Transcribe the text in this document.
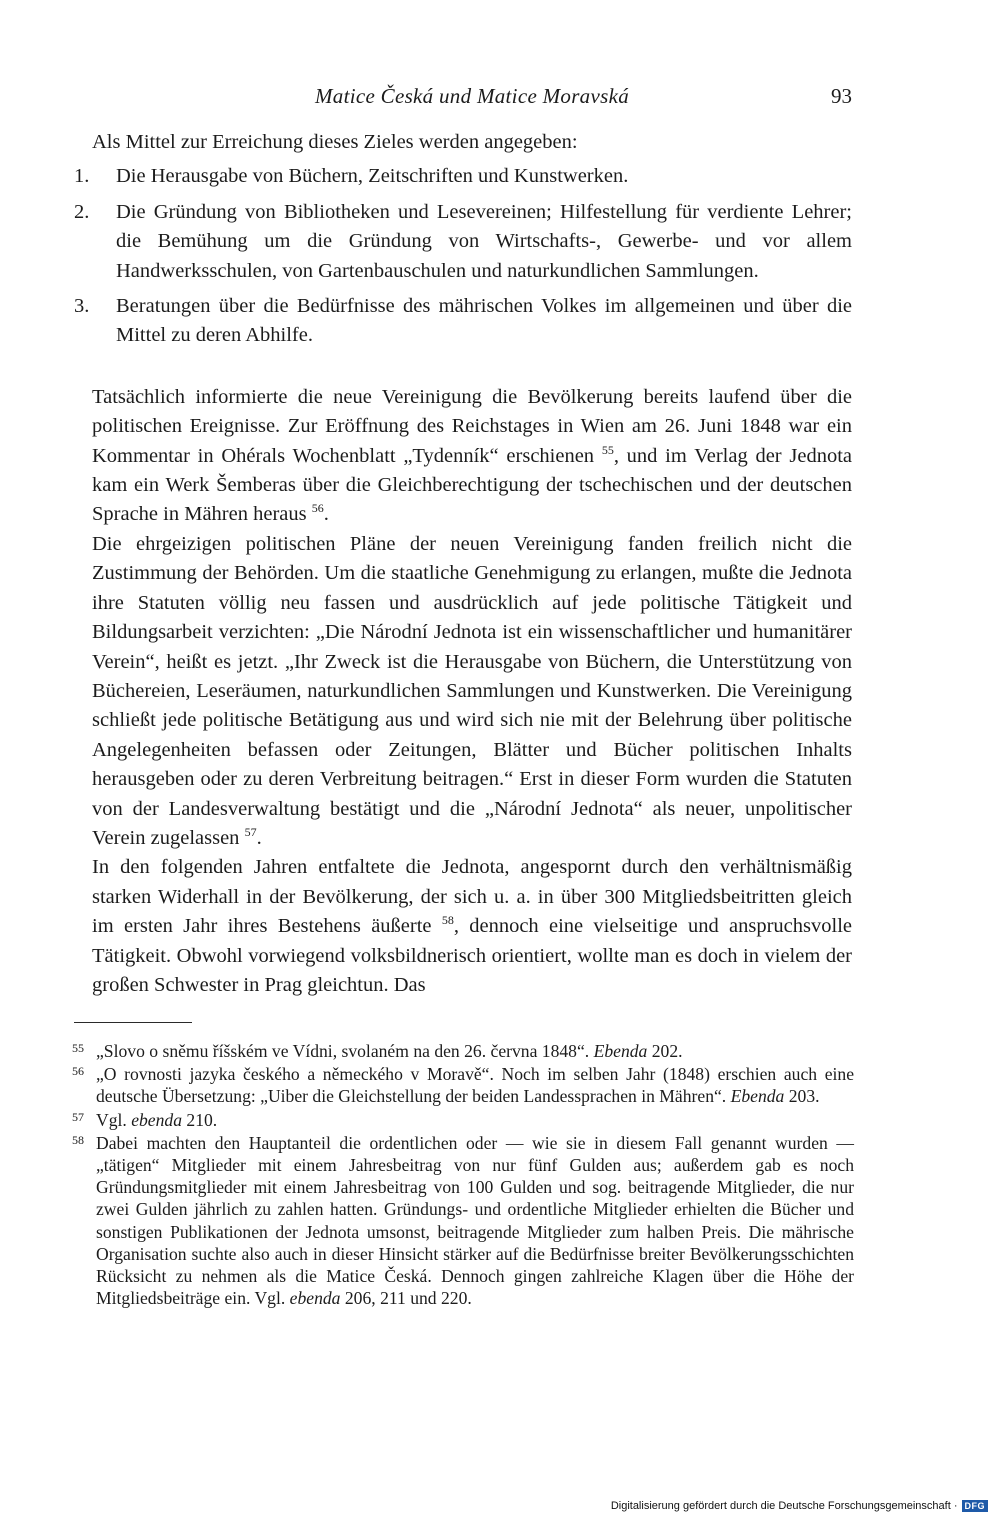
Matice Česká und Matice Moravská	93

Als Mittel zur Erreichung dieses Zieles werden angegeben:

1. Die Herausgabe von Büchern, Zeitschriften und Kunstwerken.
2. Die Gründung von Bibliotheken und Lesevereinen; Hilfestellung für verdiente Lehrer; die Bemühung um die Gründung von Wirtschafts-, Gewerbe- und vor allem Handwerksschulen, von Gartenbauschulen und naturkundlichen Sammlungen.
3. Beratungen über die Bedürfnisse des mährischen Volkes im allgemeinen und über die Mittel zu deren Abhilfe.

Tatsächlich informierte die neue Vereinigung die Bevölkerung bereits laufend über die politischen Ereignisse. Zur Eröffnung des Reichstages in Wien am 26. Juni 1848 war ein Kommentar in Ohérals Wochenblatt „Tydenník“ erschienen $^{55}$, und im Verlag der Jednota kam ein Werk Šemberas über die Gleichberechtigung der tschechischen und der deutschen Sprache in Mähren heraus $^{56}$.

Die ehrgeizigen politischen Pläne der neuen Vereinigung fanden freilich nicht die Zustimmung der Behörden. Um die staatliche Genehmigung zu erlangen, mußte die Jednota ihre Statuten völlig neu fassen und ausdrücklich auf jede politische Tätigkeit und Bildungsarbeit verzichten: „Die Národní Jednota ist ein wissenschaftlicher und humanitärer Verein“, heißt es jetzt. „Ihr Zweck ist die Herausgabe von Büchern, die Unterstützung von Büchereien, Leseräumen, naturkundlichen Sammlungen und Kunstwerken. Die Vereinigung schließt jede politische Betätigung aus und wird sich nie mit der Belehrung über politische Angelegenheiten befassen oder Zeitungen, Blätter und Bücher politischen Inhalts herausgeben oder zu deren Verbreitung beitragen.“ Erst in dieser Form wurden die Statuten von der Landesverwaltung bestätigt und die „Národní Jednota“ als neuer, unpolitischer Verein zugelassen $^{57}$.

In den folgenden Jahren entfaltete die Jednota, angespornt durch den verhältnismäßig starken Widerhall in der Bevölkerung, der sich u. a. in über 300 Mitgliedsbeitritten gleich im ersten Jahr ihres Bestehens äußerte $^{58}$, dennoch eine vielseitige und anspruchsvolle Tätigkeit. Obwohl vorwiegend volksbildnerisch orientiert, wollte man es doch in vielem der großen Schwester in Prag gleichtun. Das

55 „Slovo o sněmu říšském ve Vídni, svolaném na den 26. června 1848“. Ebenda 202.
56 „O rovnosti jazyka českého a německého v Moravě“. Noch im selben Jahr (1848) erschien auch eine deutsche Übersetzung: „Uiber die Gleichstellung der beiden Landessprachen in Mähren“. Ebenda 203.
57 Vgl. ebenda 210.
58 Dabei machten den Hauptanteil die ordentlichen oder — wie sie in diesem Fall genannt wurden — „tätigen“ Mitglieder mit einem Jahresbeitrag von nur fünf Gulden aus; außerdem gab es noch Gründungsmitglieder mit einem Jahresbeitrag von 100 Gulden und sog. beitragende Mitglieder, die nur zwei Gulden jährlich zu zahlen hatten. Gründungs- und ordentliche Mitglieder erhielten die Bücher und sonstigen Publikationen der Jednota umsonst, beitragende Mitglieder zum halben Preis. Die mährische Organisation suchte also auch in dieser Hinsicht stärker auf die Bedürfnisse breiter Bevölkerungsschichten Rücksicht zu nehmen als die Matice Česká. Dennoch gingen zahlreiche Klagen über die Höhe der Mitgliedsbeiträge ein. Vgl. ebenda 206, 211 und 220.
Digitalisierung gefördert durch die Deutsche Forschungsgemeinschaft · DFG
